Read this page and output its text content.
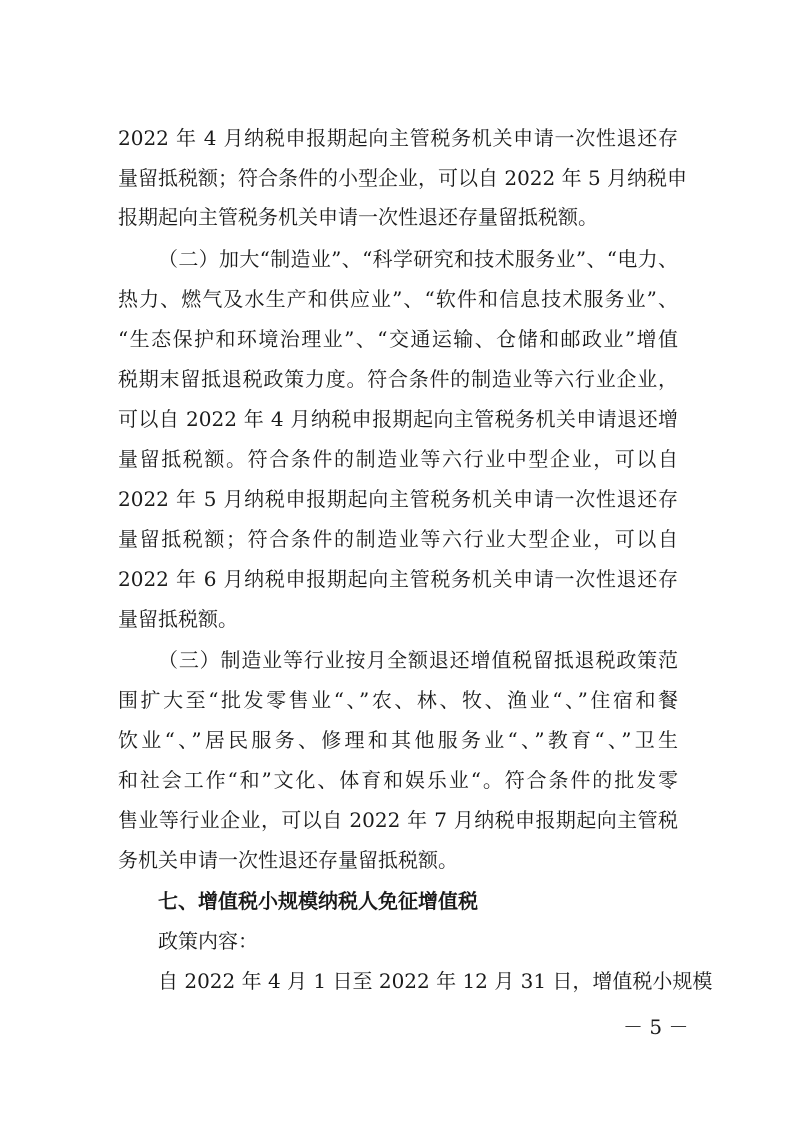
2022 年 4 月纳税申报期起向主管税务机关申请一次性退还存
量留抵税额；符合条件的小型企业，可以自 2022 年 5 月纳税申
报期起向主管税务机关申请一次性退还存量留抵税额。
（二）加大“制造业”、“科学研究和技术服务业”、“电力、
热力、燃气及水生产和供应业”、“软件和信息技术服务业”、
“生态保护和环境治理业”、“交通运输、仓储和邮政业”增值
税期末留抵退税政策力度。符合条件的制造业等六行业企业，
可以自 2022 年 4 月纳税申报期起向主管税务机关申请退还增
量留抵税额。符合条件的制造业等六行业中型企业，可以自
2022 年 5 月纳税申报期起向主管税务机关申请一次性退还存
量留抵税额；符合条件的制造业等六行业大型企业，可以自
2022 年 6 月纳税申报期起向主管税务机关申请一次性退还存
量留抵税额。
（三）制造业等行业按月全额退还增值税留抵退税政策范
围扩大至“批发零售业“、”农、林、牧、渔业“、”住宿和餐
饮业“、”居民服务、修理和其他服务业“、”教育“、”卫生
和社会工作“和”文化、体育和娱乐业“。符合条件的批发零
售业等行业企业，可以自 2022 年 7 月纳税申报期起向主管税
务机关申请一次性退还存量留抵税额。
七、增值税小规模纳税人免征增值税
政策内容：
自 2022 年 4 月 1 日至 2022 年 12 月 31 日，增值税小规模
－ 5 －
